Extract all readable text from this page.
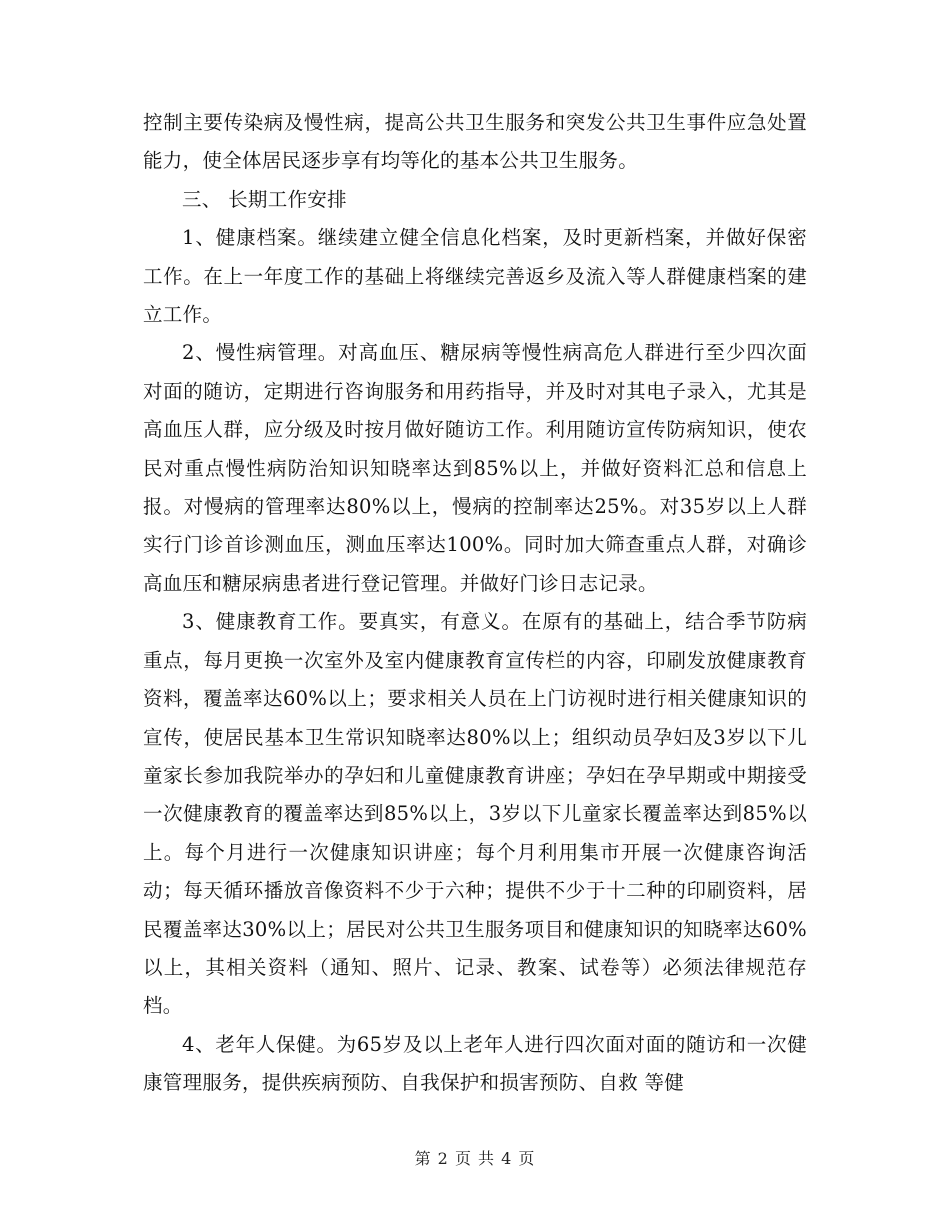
控制主要传染病及慢性病，提高公共卫生服务和突发公共卫生事件应急处置能力，使全体居民逐步享有均等化的基本公共卫生服务。

三、 长期工作安排

1、健康档案。继续建立健全信息化档案，及时更新档案，并做好保密工作。在上一年度工作的基础上将继续完善返乡及流入等人群健康档案的建立工作。

2、慢性病管理。对高血压、糖尿病等慢性病高危人群进行至少四次面对面的随访，定期进行咨询服务和用药指导，并及时对其电子录入，尤其是高血压人群，应分级及时按月做好随访工作。利用随访宣传防病知识，使农民对重点慢性病防治知识知晓率达到85%以上，并做好资料汇总和信息上报。对慢病的管理率达80%以上，慢病的控制率达25%。对35岁以上人群实行门诊首诊测血压，测血压率达100%。同时加大筛查重点人群，对确诊高血压和糖尿病患者进行登记管理。并做好门诊日志记录。

3、健康教育工作。要真实，有意义。在原有的基础上，结合季节防病重点，每月更换一次室外及室内健康教育宣传栏的内容，印刷发放健康教育资料，覆盖率达60%以上；要求相关人员在上门访视时进行相关健康知识的宣传，使居民基本卫生常识知晓率达80%以上；组织动员孕妇及3岁以下儿童家长参加我院举办的孕妇和儿童健康教育讲座；孕妇在孕早期或中期接受一次健康教育的覆盖率达到85%以上，3岁以下儿童家长覆盖率达到85%以上。每个月进行一次健康知识讲座；每个月利用集市开展一次健康咨询活动；每天循环播放音像资料不少于六种；提供不少于十二种的印刷资料，居民覆盖率达30%以上；居民对公共卫生服务项目和健康知识的知晓率达60%以上，其相关资料（通知、照片、记录、教案、试卷等）必须法律规范存档。

4、老年人保健。为65岁及以上老年人进行四次面对面的随访和一次健康管理服务，提供疾病预防、自我保护和损害预防、自救 等健

第 2 页 共 4 页
